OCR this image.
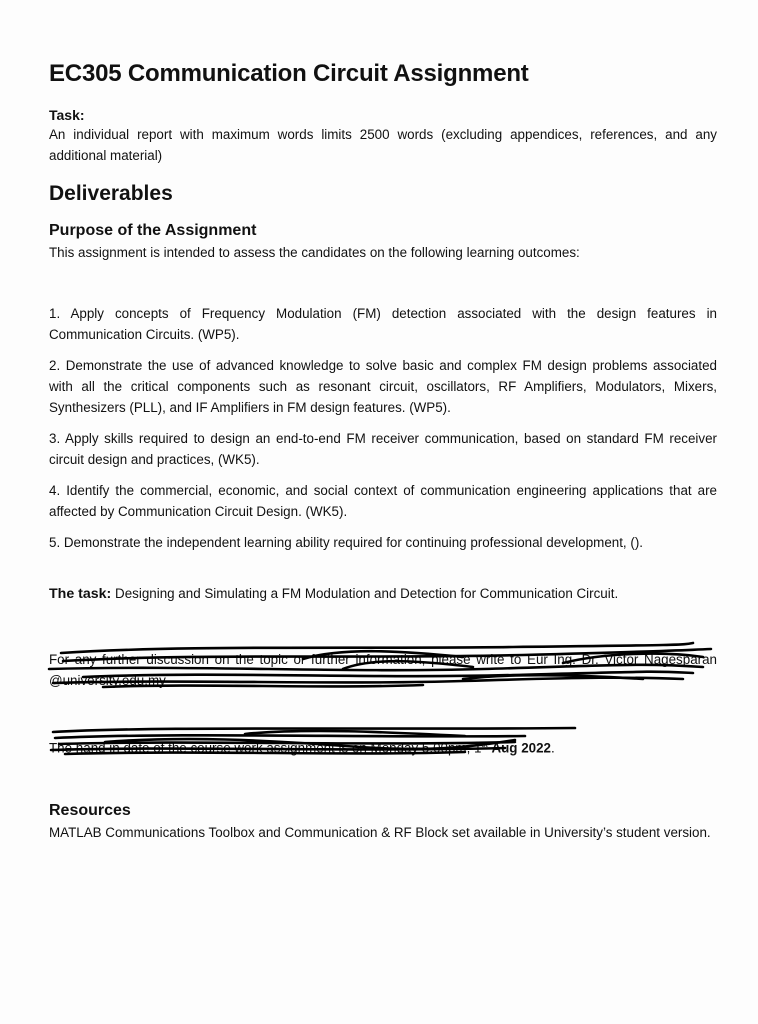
EC305 Communication Circuit Assignment
Task:

An individual report with maximum words limits 2500 words (excluding appendices, references, and any additional material)

Deliverables
Purpose of the Assignment

This assignment is intended to assess the candidates on the following learning outcomes:

1. Apply concepts of Frequency Modulation (FM) detection associated with the design features in Communication Circuits. (WP5).

2. Demonstrate the use of advanced knowledge to solve basic and complex FM design problems associated with all the critical components such as resonant circuit, oscillators, RF Amplifiers, Modulators, Mixers, Synthesizers (PLL), and IF Amplifiers in FM design features. (WP5).

3. Apply skills required to design an end-to-end FM receiver communication, based on standard FM receiver circuit design and practices, (WK5).

4. Identify the commercial, economic, and social context of communication engineering applications that are affected by Communication Circuit Design. (WK5).

5. Demonstrate the independent learning ability required for continuing professional development, ().

The task: Designing and Simulating a FM Modulation and Detection for Communication Circuit.

For any further discussion on the topic or further information, please write to Eur Ing. Dr. Victor Nagesparan @university.edu.my

The hand in date of the course work assignment is on Monday 5.00pm, 1st Aug 2022.

Resources

MATLAB Communications Toolbox and Communication & RF Block set available in University’s student version.
